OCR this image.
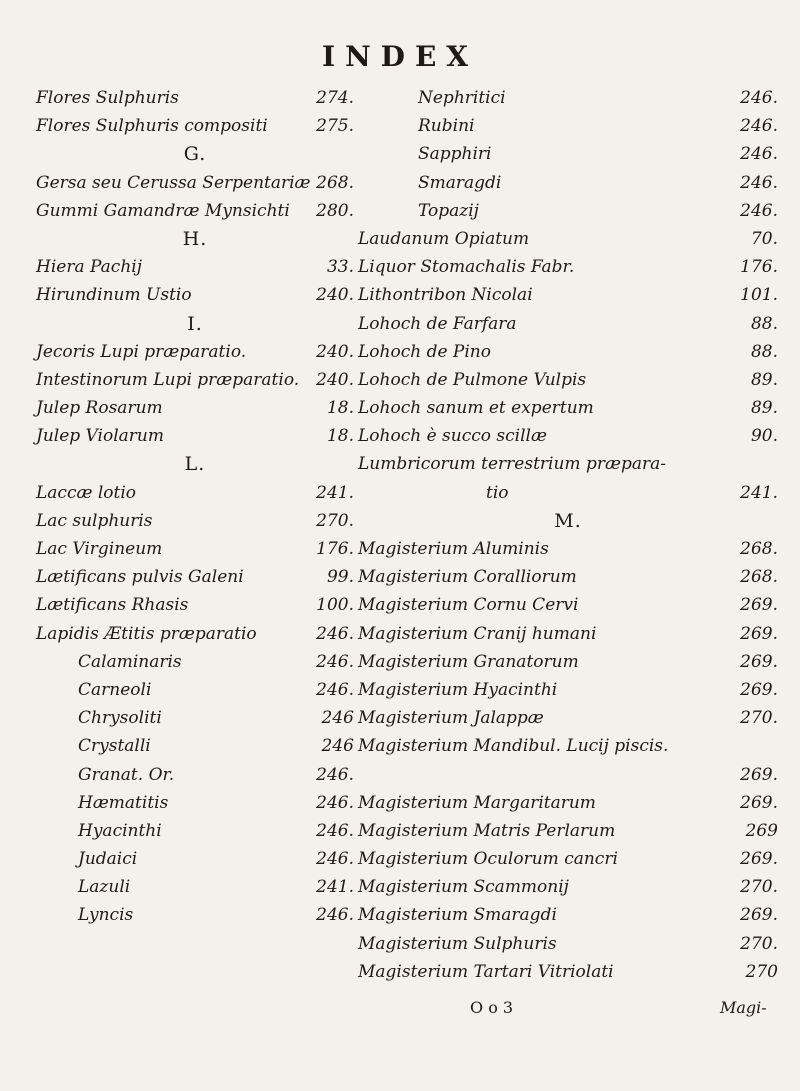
INDEX
Flores Sulphuris	274.
Flores Sulphuris compositi	275.
G.
Gersa seu Cerussa Serpentariæ 268.
Gummi Gamandræ Mynsichti 280.
H.
Hiera Pachij	33.
Hirundinum Ustio	240.
I.
Jecoris Lupi præparatio.	240.
Intestinorum Lupi præparatio. 240.
Julep Rosarum	18.
Julep Violarum	18.
L.
Laccæ lotio	241.
Lac sulphuris	270.
Lac Virgineum	176.
Lætificans pulvis Galeni	99.
Lætificans Rhasis	100.
Lapidis Ætitis præparatio	246.
Calaminaris	246.
Carneoli	246.
Chrysoliti	246
Crystalli	246
Granat. Or.	246.
Hæmatitis	246.
Hyacinthi	246.
Judaici	246.
Lazuli	241.
Lyncis	246.
Nephritici	246.
Rubini	246.
Sapphiri	246.
Smaragdi	246.
Topazij	246.
Laudanum Opiatum	70.
Liquor Stomachalis Fabr.	176.
Lithontribon Nicolai	101.
Lohoch de Farfara	88.
Lohoch de Pino	88.
Lohoch de Pulmone Vulpis	89.
Lohoch sanum et expertum	89.
Lohoch è succo scillæ	90.
Lumbricorum terrestrium præpara-
tio	241.
M.
Magisterium Aluminis	268.
Magisterium Coralliorum	268.
Magisterium Cornu Cervi	269.
Magisterium Cranij humani	269.
Magisterium Granatorum	269.
Magisterium Hyacinthi	269.
Magisterium Jalappæ	270.
Magisterium Mandibul. Lucij piscis.
269.
Magisterium Margaritarum	269.
Magisterium Matris Perlarum	269
Magisterium Oculorum cancri	269.
Magisterium Scammonij	270.
Magisterium Smaragdi	269.
Magisterium Sulphuris	270.
Magisterium Tartari Vitriolati	270
O o 3	Magi-
